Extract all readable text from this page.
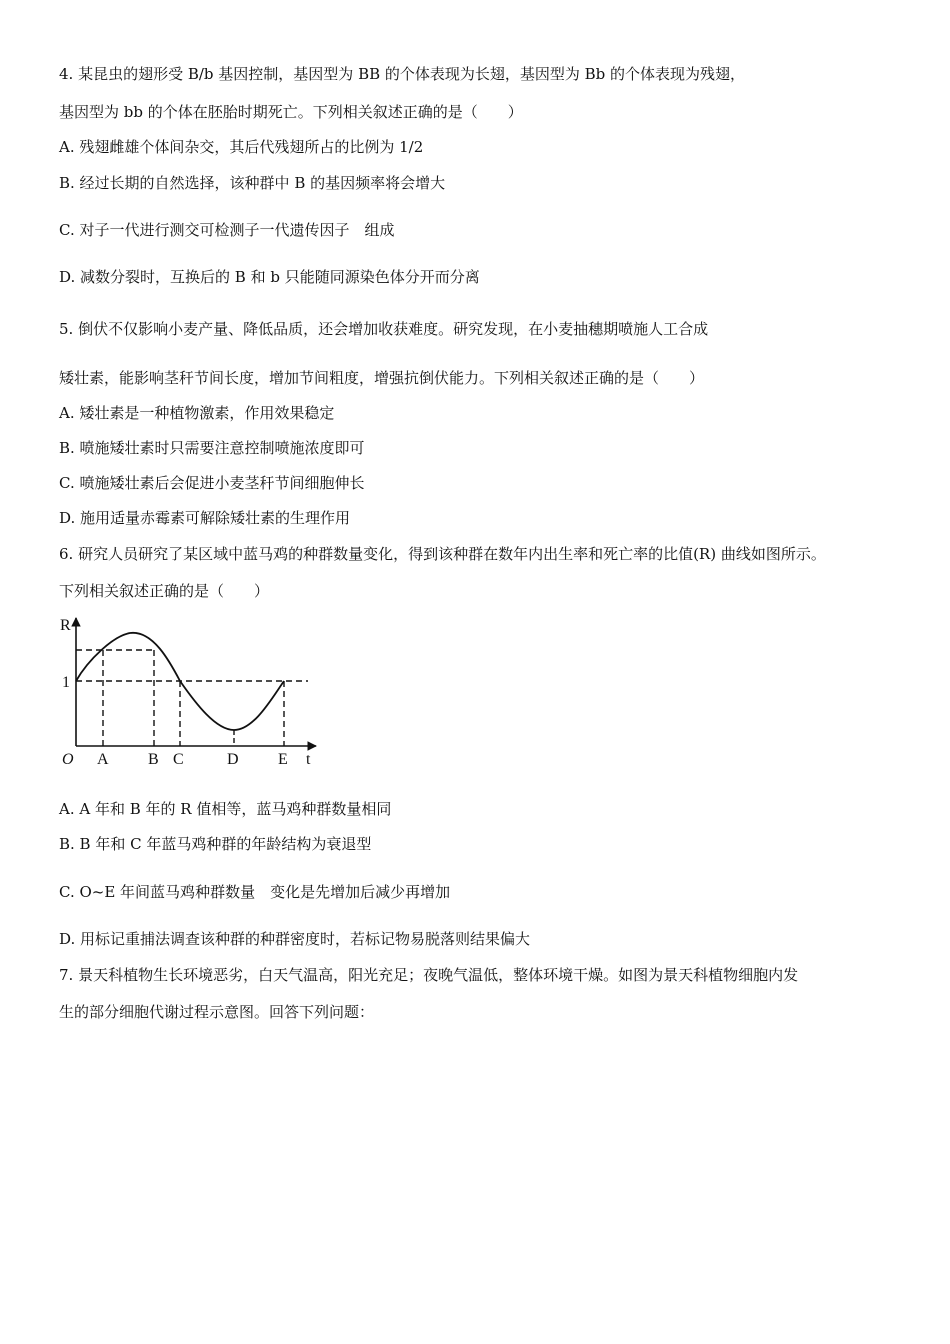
4. 某昆虫的翅形受 B/b 基因控制，基因型为 BB 的个体表现为长翅，基因型为 Bb 的个体表现为残翅，
基因型为 bb 的个体在胚胎时期死亡。下列相关叙述正确的是（　　）
A. 残翅雌雄个体间杂交，其后代残翅所占的比例为 1/2
B. 经过长期的自然选择，该种群中 B 的基因频率将会增大
C. 对子一代进行测交可检测子一代遗传因子　组成
D. 减数分裂时，互换后的 B 和 b 只能随同源染色体分开而分离
5. 倒伏不仅影响小麦产量、降低品质，还会增加收获难度。研究发现，在小麦抽穗期喷施人工合成
矮壮素，能影响茎秆节间长度，增加节间粗度，增强抗倒伏能力。下列相关叙述正确的是（　　）
A. 矮壮素是一种植物激素，作用效果稳定
B. 喷施矮壮素时只需要注意控制喷施浓度即可
C. 喷施矮壮素后会促进小麦茎秆节间细胞伸长
D. 施用适量赤霉素可解除矮壮素的生理作用
6. 研究人员研究了某区域中蓝马鸡的种群数量变化，得到该种群在数年内出生率和死亡率的比值(R) 曲线如图所示。
下列相关叙述正确的是（　　）
R
1
O A B C	D E t
A. A 年和 B 年的 R 值相等，蓝马鸡种群数量相同
B. B 年和 C 年蓝马鸡种群的年龄结构为衰退型
C. O~E 年间蓝马鸡种群数量　变化是先增加后减少再增加
D. 用标记重捕法调查该种群的种群密度时，若标记物易脱落则结果偏大
7. 景天科植物生长环境恶劣，白天气温高，阳光充足；夜晚气温低，整体环境干燥。如图为景天科植物细胞内发
生的部分细胞代谢过程示意图。回答下列问题：
